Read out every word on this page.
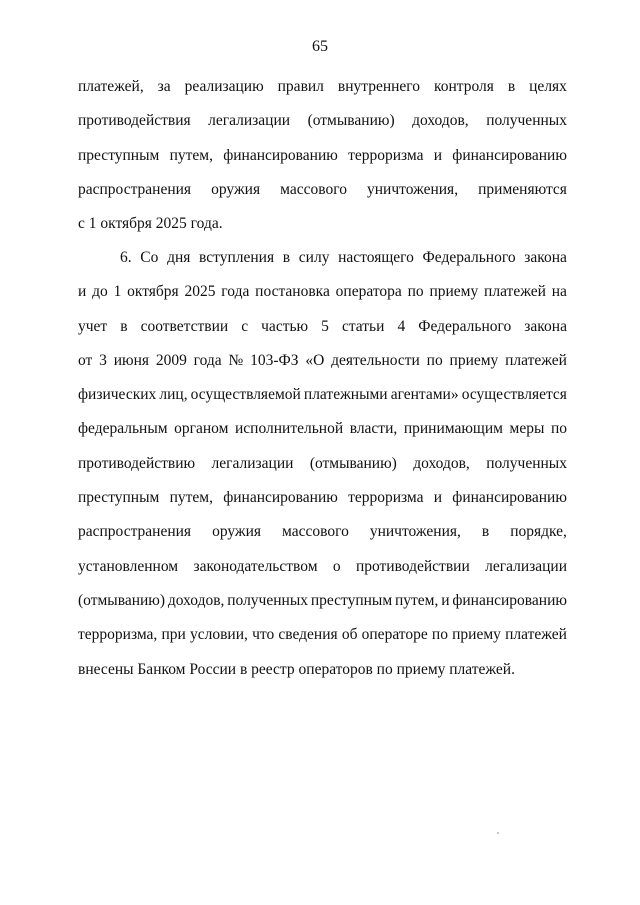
65
платежей, за реализацию правил внутреннего контроля в целях
противодействия легализации (отмыванию) доходов, полученных
преступным путем, финансированию терроризма и финансированию
распространения оружия массового уничтожения, применяются
с 1 октября 2025 года.
6. Со дня вступления в силу настоящего Федерального закона
и до 1 октября 2025 года постановка оператора по приему платежей на
учет в соответствии с частью 5 статьи 4 Федерального закона
от 3 июня 2009 года № 103-ФЗ «О деятельности по приему платежей
физических лиц, осуществляемой платежными агентами» осуществляется
федеральным органом исполнительной власти, принимающим меры по
противодействию легализации (отмыванию) доходов, полученных
преступным путем, финансированию терроризма и финансированию
распространения оружия массового уничтожения, в порядке,
установленном законодательством о противодействии легализации
(отмыванию) доходов, полученных преступным путем, и финансированию
терроризма, при условии, что сведения об операторе по приему платежей
внесены Банком России в реестр операторов по приему платежей.
